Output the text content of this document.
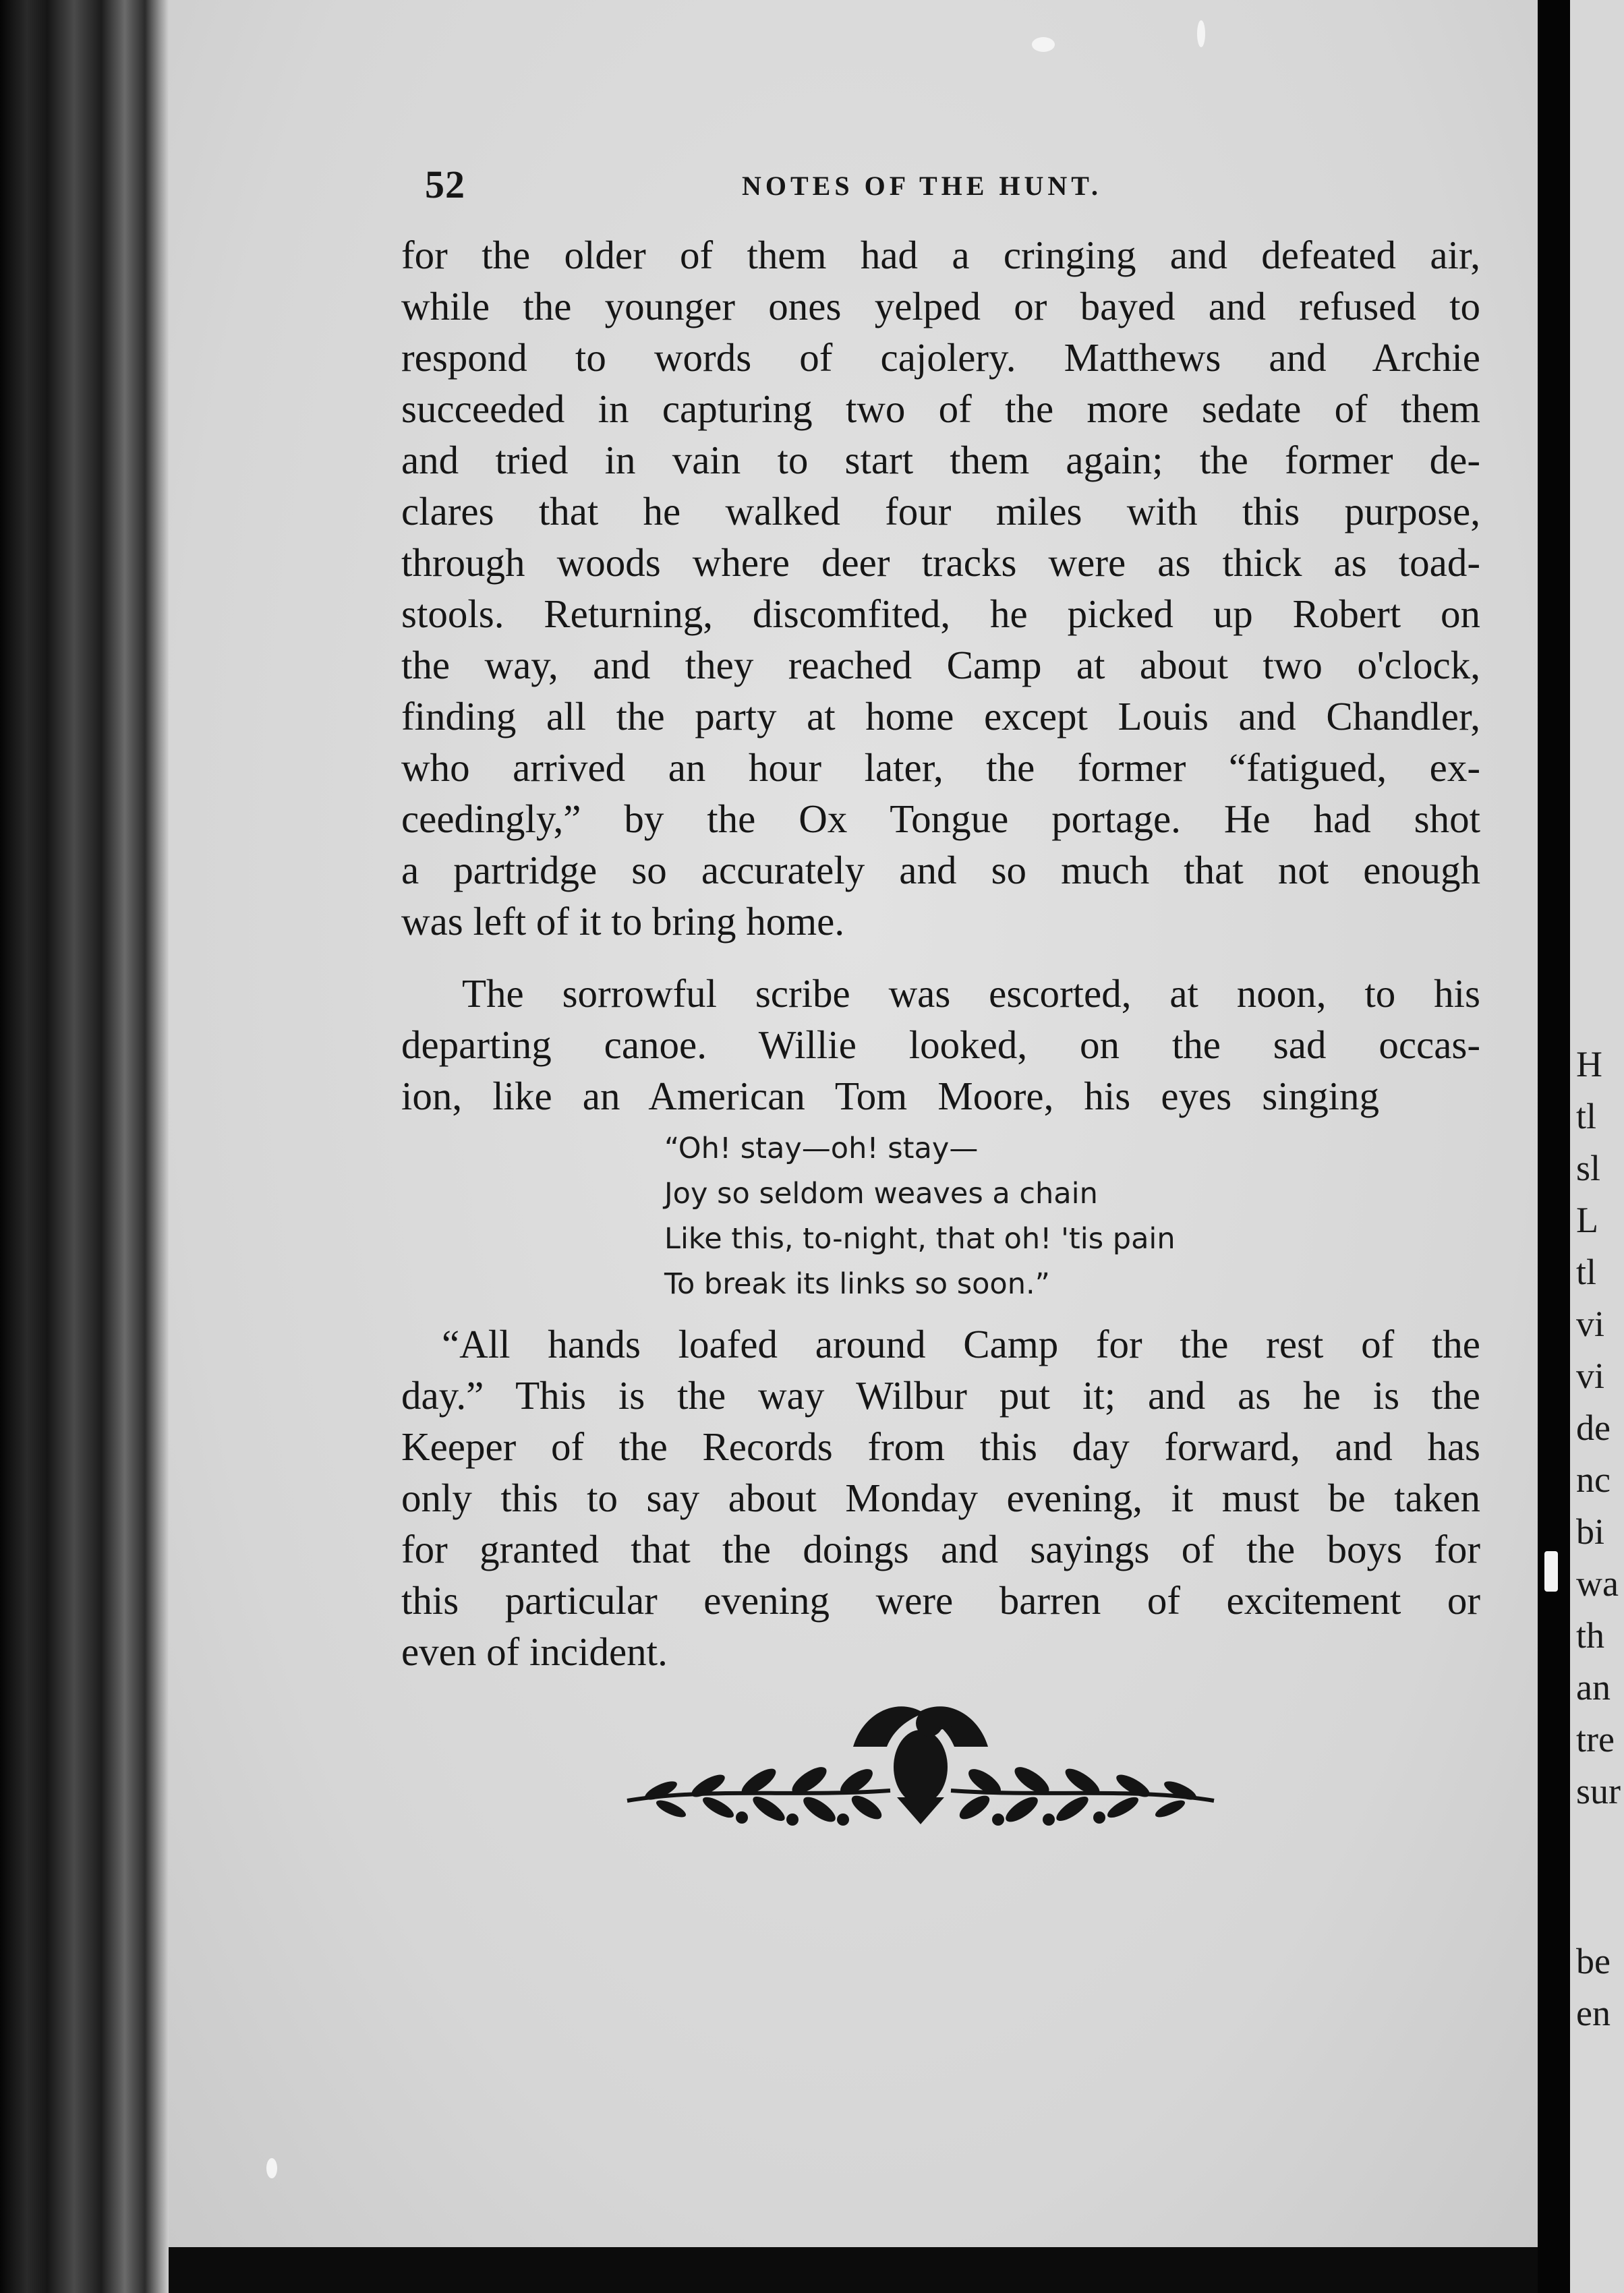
52	NOTES OF THE HUNT.

for the older of them had a cringing and defeated air,
while the younger ones yelped or bayed and refused to
respond to words of cajolery. Matthews and Archie
succeeded in capturing two of the more sedate of them
and tried in vain to start them again; the former de-
clares that he walked four miles with this purpose,
through woods where deer tracks were as thick as toad-
stools. Returning, discomfited, he picked up Robert on
the way, and they reached Camp at about two o'clock,
finding all the party at home except Louis and Chandler,
who arrived an hour later, the former “fatigued, ex-
ceedingly,” by the Ox Tongue portage. He had shot
a partridge so accurately and so much that not enough
was left of it to bring home.

The sorrowful scribe was escorted, at noon, to his
departing canoe. Willie looked, on the sad occas-
ion, like an American Tom Moore, his eyes singing

“Oh! stay—oh! stay—
Joy so seldom weaves a chain
Like this, to-night, that oh! 'tis pain
To break its links so soon.”

“All hands loafed around Camp for the rest of the
day.” This is the way Wilbur put it; and as he is the
Keeper of the Records from this day forward, and has
only this to say about Monday evening, it must be taken
for granted that the doings and sayings of the boys for
this particular evening were barren of excitement or
even of incident.

H
tl
sl
L
tl
vi
vi
de
nc
bi
wa
th
an
tre
sur
be
en
